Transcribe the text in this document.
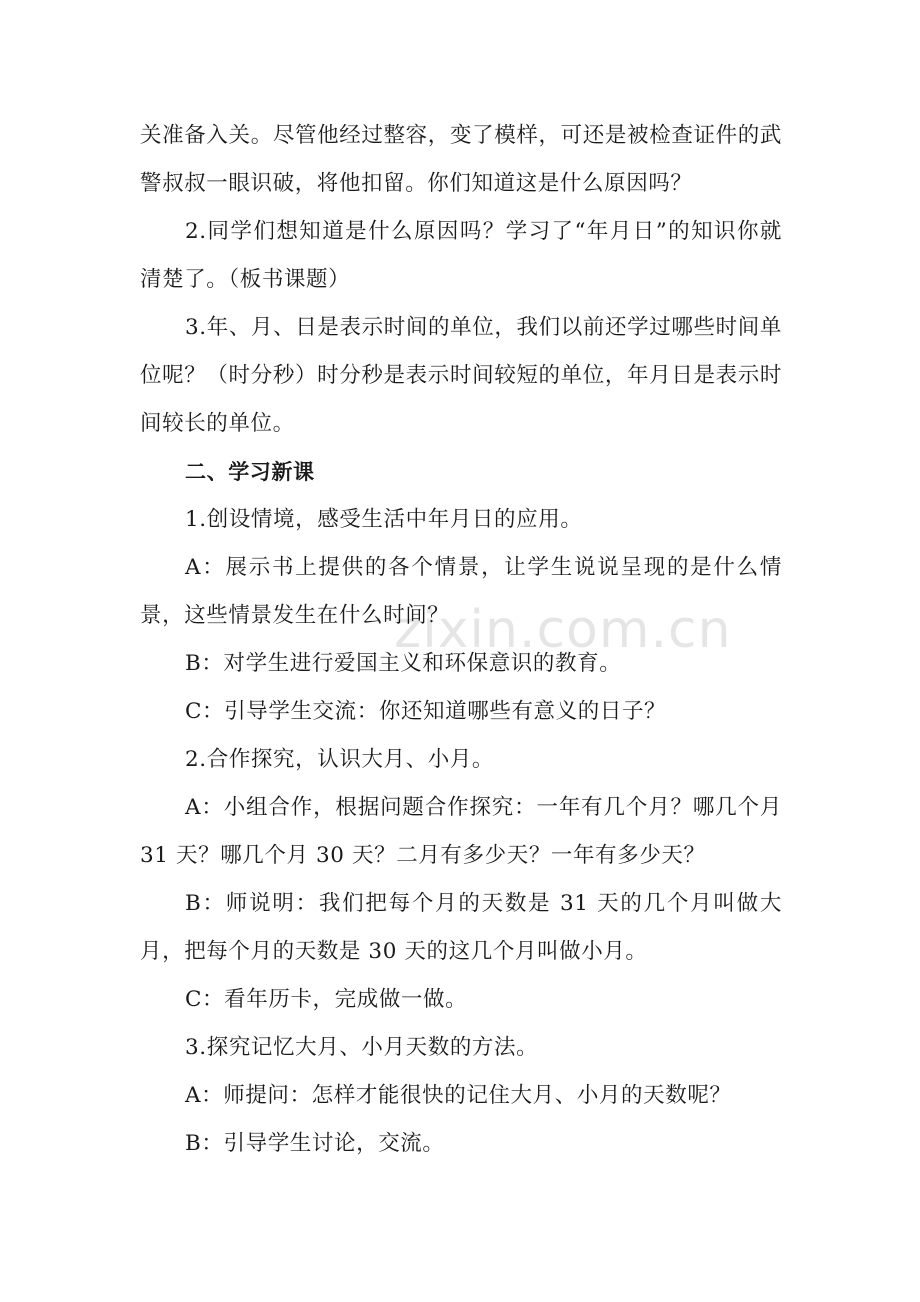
关准备入关。尽管他经过整容，变了模样，可还是被检查证件的武警叔叔一眼识破，将他扣留。你们知道这是什么原因吗？

2.同学们想知道是什么原因吗？学习了“年月日”的知识你就清楚了。（板书课题）

3.年、月、日是表示时间的单位，我们以前还学过哪些时间单位呢？（时分秒）时分秒是表示时间较短的单位，年月日是表示时间较长的单位。

二、学习新课

1.创设情境，感受生活中年月日的应用。

A：展示书上提供的各个情景，让学生说说呈现的是什么情景，这些情景发生在什么时间？

B：对学生进行爱国主义和环保意识的教育。

C：引导学生交流：你还知道哪些有意义的日子？

2.合作探究，认识大月、小月。

A：小组合作，根据问题合作探究：一年有几个月？哪几个月 31 天？哪几个月 30 天？二月有多少天？一年有多少天？

B：师说明：我们把每个月的天数是 31 天的几个月叫做大月，把每个月的天数是 30 天的这几个月叫做小月。

C：看年历卡，完成做一做。

3.探究记忆大月、小月天数的方法。

A：师提问：怎样才能很快的记住大月、小月的天数呢？

B：引导学生讨论，交流。

zixin.com.cn
